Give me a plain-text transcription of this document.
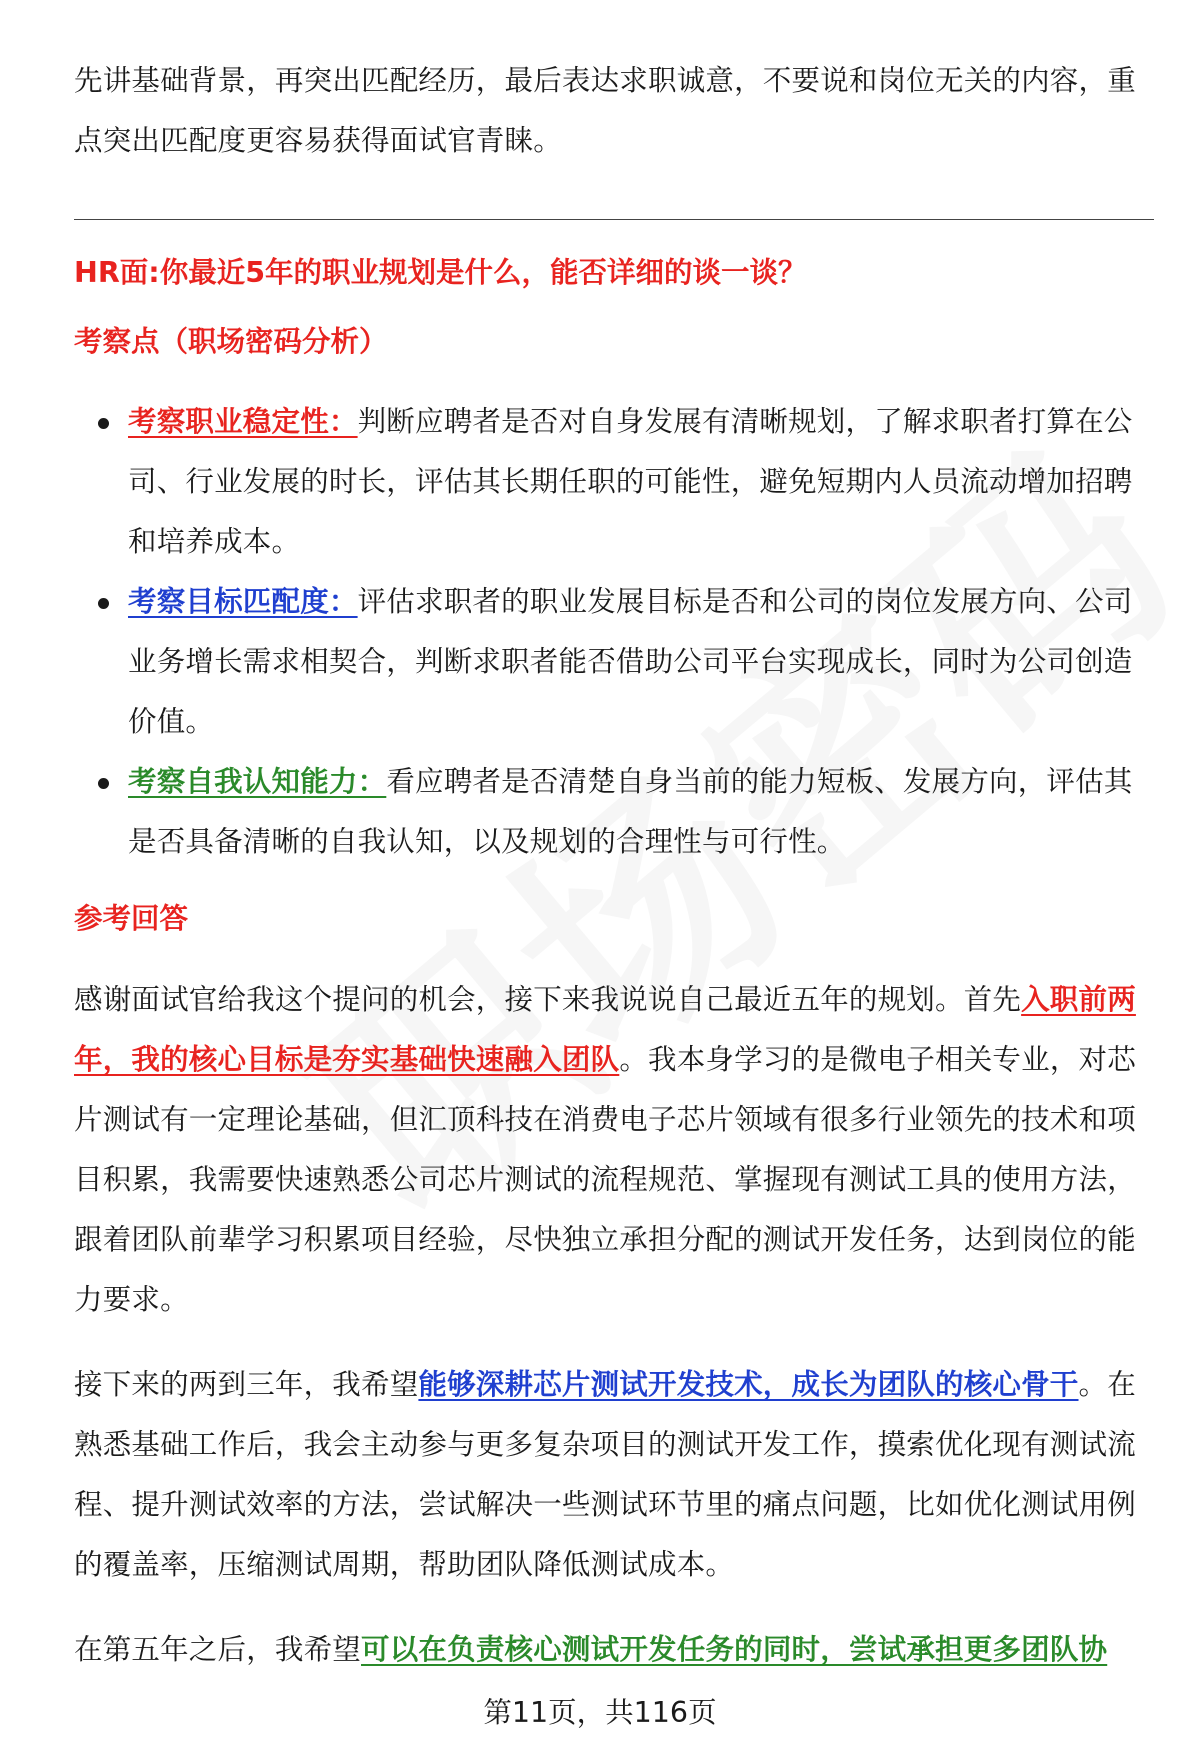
先讲基础背景，再突出匹配经历，最后表达求职诚意，不要说和岗位无关的内容，重点突出匹配度更容易获得面试官青睐。
HR面:你最近5年的职业规划是什么，能否详细的谈一谈？
考察点（职场密码分析）
考察职业稳定性：判断应聘者是否对自身发展有清晰规划，了解求职者打算在公司、行业发展的时长，评估其长期任职的可能性，避免短期内人员流动增加招聘和培养成本。
考察目标匹配度：评估求职者的职业发展目标是否和公司的岗位发展方向、公司业务增长需求相契合，判断求职者能否借助公司平台实现成长，同时为公司创造价值。
考察自我认知能力：看应聘者是否清楚自身当前的能力短板、发展方向，评估其是否具备清晰的自我认知，以及规划的合理性与可行性。
参考回答
感谢面试官给我这个提问的机会，接下来我说说自己最近五年的规划。首先入职前两年，我的核心目标是夯实基础快速融入团队。我本身学习的是微电子相关专业，对芯片测试有一定理论基础，但汇顶科技在消费电子芯片领域有很多行业领先的技术和项目积累，我需要快速熟悉公司芯片测试的流程规范、掌握现有测试工具的使用方法，跟着团队前辈学习积累项目经验，尽快独立承担分配的测试开发任务，达到岗位的能力要求。
接下来的两到三年，我希望能够深耕芯片测试开发技术，成长为团队的核心骨干。在熟悉基础工作后，我会主动参与更多复杂项目的测试开发工作，摸索优化现有测试流程、提升测试效率的方法，尝试解决一些测试环节里的痛点问题，比如优化测试用例的覆盖率，压缩测试周期，帮助团队降低测试成本。
在第五年之后，我希望可以在负责核心测试开发任务的同时，尝试承担更多团队协
第11页，共116页
